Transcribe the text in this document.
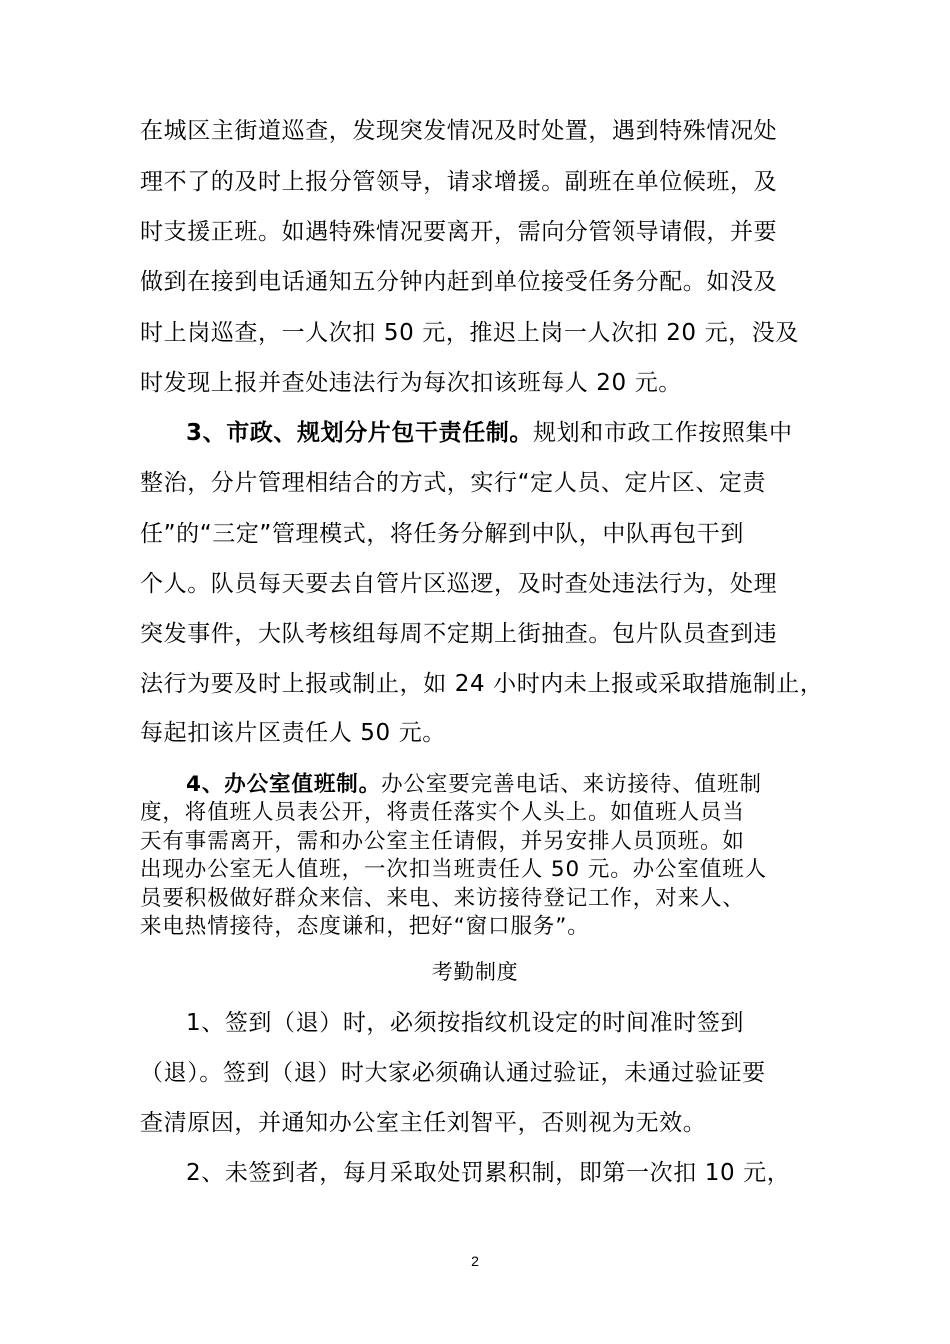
在城区主街道巡查，发现突发情况及时处置，遇到特殊情况处
理不了的及时上报分管领导，请求增援。副班在单位候班，及
时支援正班。如遇特殊情况要离开，需向分管领导请假，并要
做到在接到电话通知五分钟内赶到单位接受任务分配。如没及
时上岗巡查，一人次扣 50 元，推迟上岗一人次扣 20 元，没及
时发现上报并查处违法行为每次扣该班每人 20 元。
3、市政、规划分片包干责任制。规划和市政工作按照集中
整治，分片管理相结合的方式，实行“定人员、定片区、定责
任”的“三定”管理模式，将任务分解到中队，中队再包干到
个人。队员每天要去自管片区巡逻，及时查处违法行为，处理
突发事件，大队考核组每周不定期上街抽查。包片队员查到违
法行为要及时上报或制止，如 24 小时内未上报或采取措施制止，
每起扣该片区责任人 50 元。
4、办公室值班制。办公室要完善电话、来访接待、值班制
度，将值班人员表公开，将责任落实个人头上。如值班人员当
天有事需离开，需和办公室主任请假，并另安排人员顶班。如
出现办公室无人值班，一次扣当班责任人 50 元。办公室值班人
员要积极做好群众来信、来电、来访接待登记工作，对来人、
来电热情接待，态度谦和，把好“窗口服务”。
考勤制度
1、签到（退）时，必须按指纹机设定的时间准时签到
（退）。签到（退）时大家必须确认通过验证，未通过验证要
查清原因，并通知办公室主任刘智平，否则视为无效。
2、未签到者，每月采取处罚累积制，即第一次扣 10 元，
2
